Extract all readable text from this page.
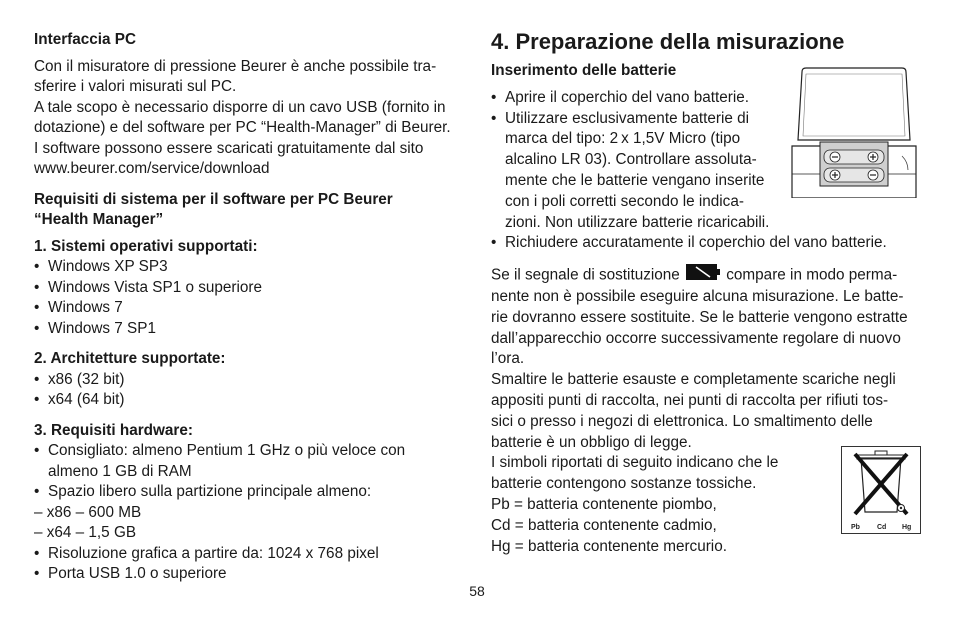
Interfaccia PC

Con il misuratore di pressione Beurer è anche possibile tra-

sferire i valori misurati sul PC.

A tale scopo è necessario disporre di un cavo USB (fornito in

dotazione) e del software per PC “Health-Manager” di Beurer.

I software possono essere scaricati gratuitamente dal sito

www.beurer.com/service/download

Requisiti di sistema per il software per PC Beurer

“Health Manager”

1. Sistemi operativi supportati:

• Windows XP SP3
• Windows Vista SP1 o superiore
• Windows 7
• Windows 7 SP1

2. Architetture supportate:

• x86 (32 bit)
• x64 (64 bit)

3. Requisiti hardware:

• Consigliato: almeno Pentium 1 GHz o più veloce con
almeno 1 GB di RAM
• Spazio libero sulla partizione principale almeno:
– x86 – 600 MB
– x64 – 1,5 GB
• Risoluzione grafica a partire da: 1024 x 768 pixel
• Porta USB 1.0 o superiore
4. Preparazione della misurazione

Inserimento delle batterie

• Aprire il coperchio del vano batterie.
• Utilizzare esclusivamente batterie di
marca del tipo: 2 x 1,5V Micro (tipo
alcalino LR 03). Controllare assoluta-
mente che le batterie vengano inserite
con i poli corretti secondo le indica-
zioni. Non utilizzare batterie ricaricabili.
• Richiudere accuratamente il coperchio del vano batterie.

Se il segnale di sostituzione	compare in modo perma-

nente non è possibile eseguire alcuna misurazione. Le batte-

rie dovranno essere sostituite. Se le batterie vengono estratte

dall’apparecchio occorre successivamente regolare di nuovo

l’ora.

Smaltire le batterie esauste e completamente scariche negli

appositi punti di raccolta, nei punti di raccolta per rifiuti tos-

sici o presso i negozi di elettronica. Lo smaltimento delle

batterie è un obbligo di legge.

I simboli riportati di seguito indicano che le

batterie contengono sostanze tossiche.

Pb = batteria contenente piombo,

Cd = batteria contenente cadmio,

Hg = batteria contenente mercurio.

Pb Cd Hg
58
